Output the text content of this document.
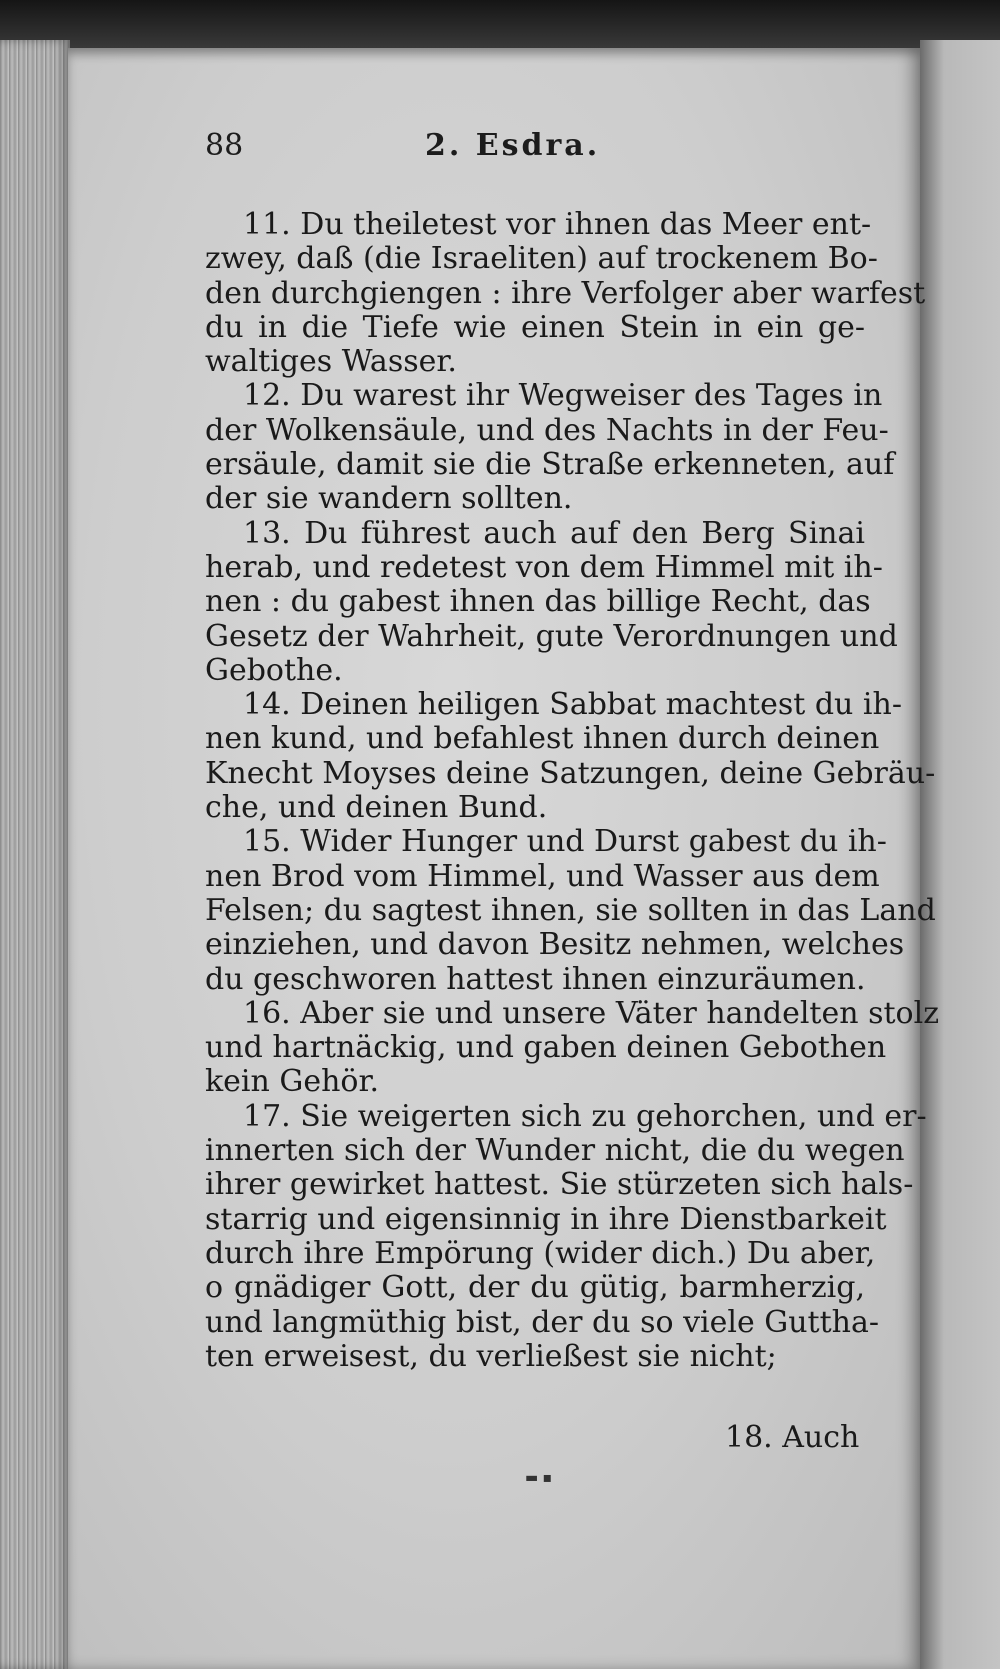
88	2. Esdra.
11. Du theiletest vor ihnen das Meer ent-
zwey, daß (die Israeliten) auf trockenem Bo-
den durchgiengen : ihre Verfolger aber warfest
du in die Tiefe wie einen Stein in ein ge-
waltiges Wasser.
12. Du warest ihr Wegweiser des Tages in
der Wolkensäule, und des Nachts in der Feu-
ersäule, damit sie die Straße erkenneten, auf
der sie wandern sollten.
13. Du führest auch auf den Berg Sinai
herab, und redetest von dem Himmel mit ih-
nen : du gabest ihnen das billige Recht, das
Gesetz der Wahrheit, gute Verordnungen und
Gebothe.
14. Deinen heiligen Sabbat machtest du ih-
nen kund, und befahlest ihnen durch deinen
Knecht Moyses deine Satzungen, deine Gebräu-
che, und deinen Bund.
15. Wider Hunger und Durst gabest du ih-
nen Brod vom Himmel, und Wasser aus dem
Felsen; du sagtest ihnen, sie sollten in das Land
einziehen, und davon Besitz nehmen, welches
du geschworen hattest ihnen einzuräumen.
16. Aber sie und unsere Väter handelten stolz
und hartnäckig, und gaben deinen Gebothen
kein Gehör.
17. Sie weigerten sich zu gehorchen, und er-
innerten sich der Wunder nicht, die du wegen
ihrer gewirket hattest. Sie stürzeten sich hals-
starrig und eigensinnig in ihre Dienstbarkeit
durch ihre Empörung (wider dich.) Du aber,
o gnädiger Gott, der du gütig, barmherzig,
und langmüthig bist, der du so viele Guttha-
ten erweisest, du verließest sie nicht;
18. Auch
▬ ▪
